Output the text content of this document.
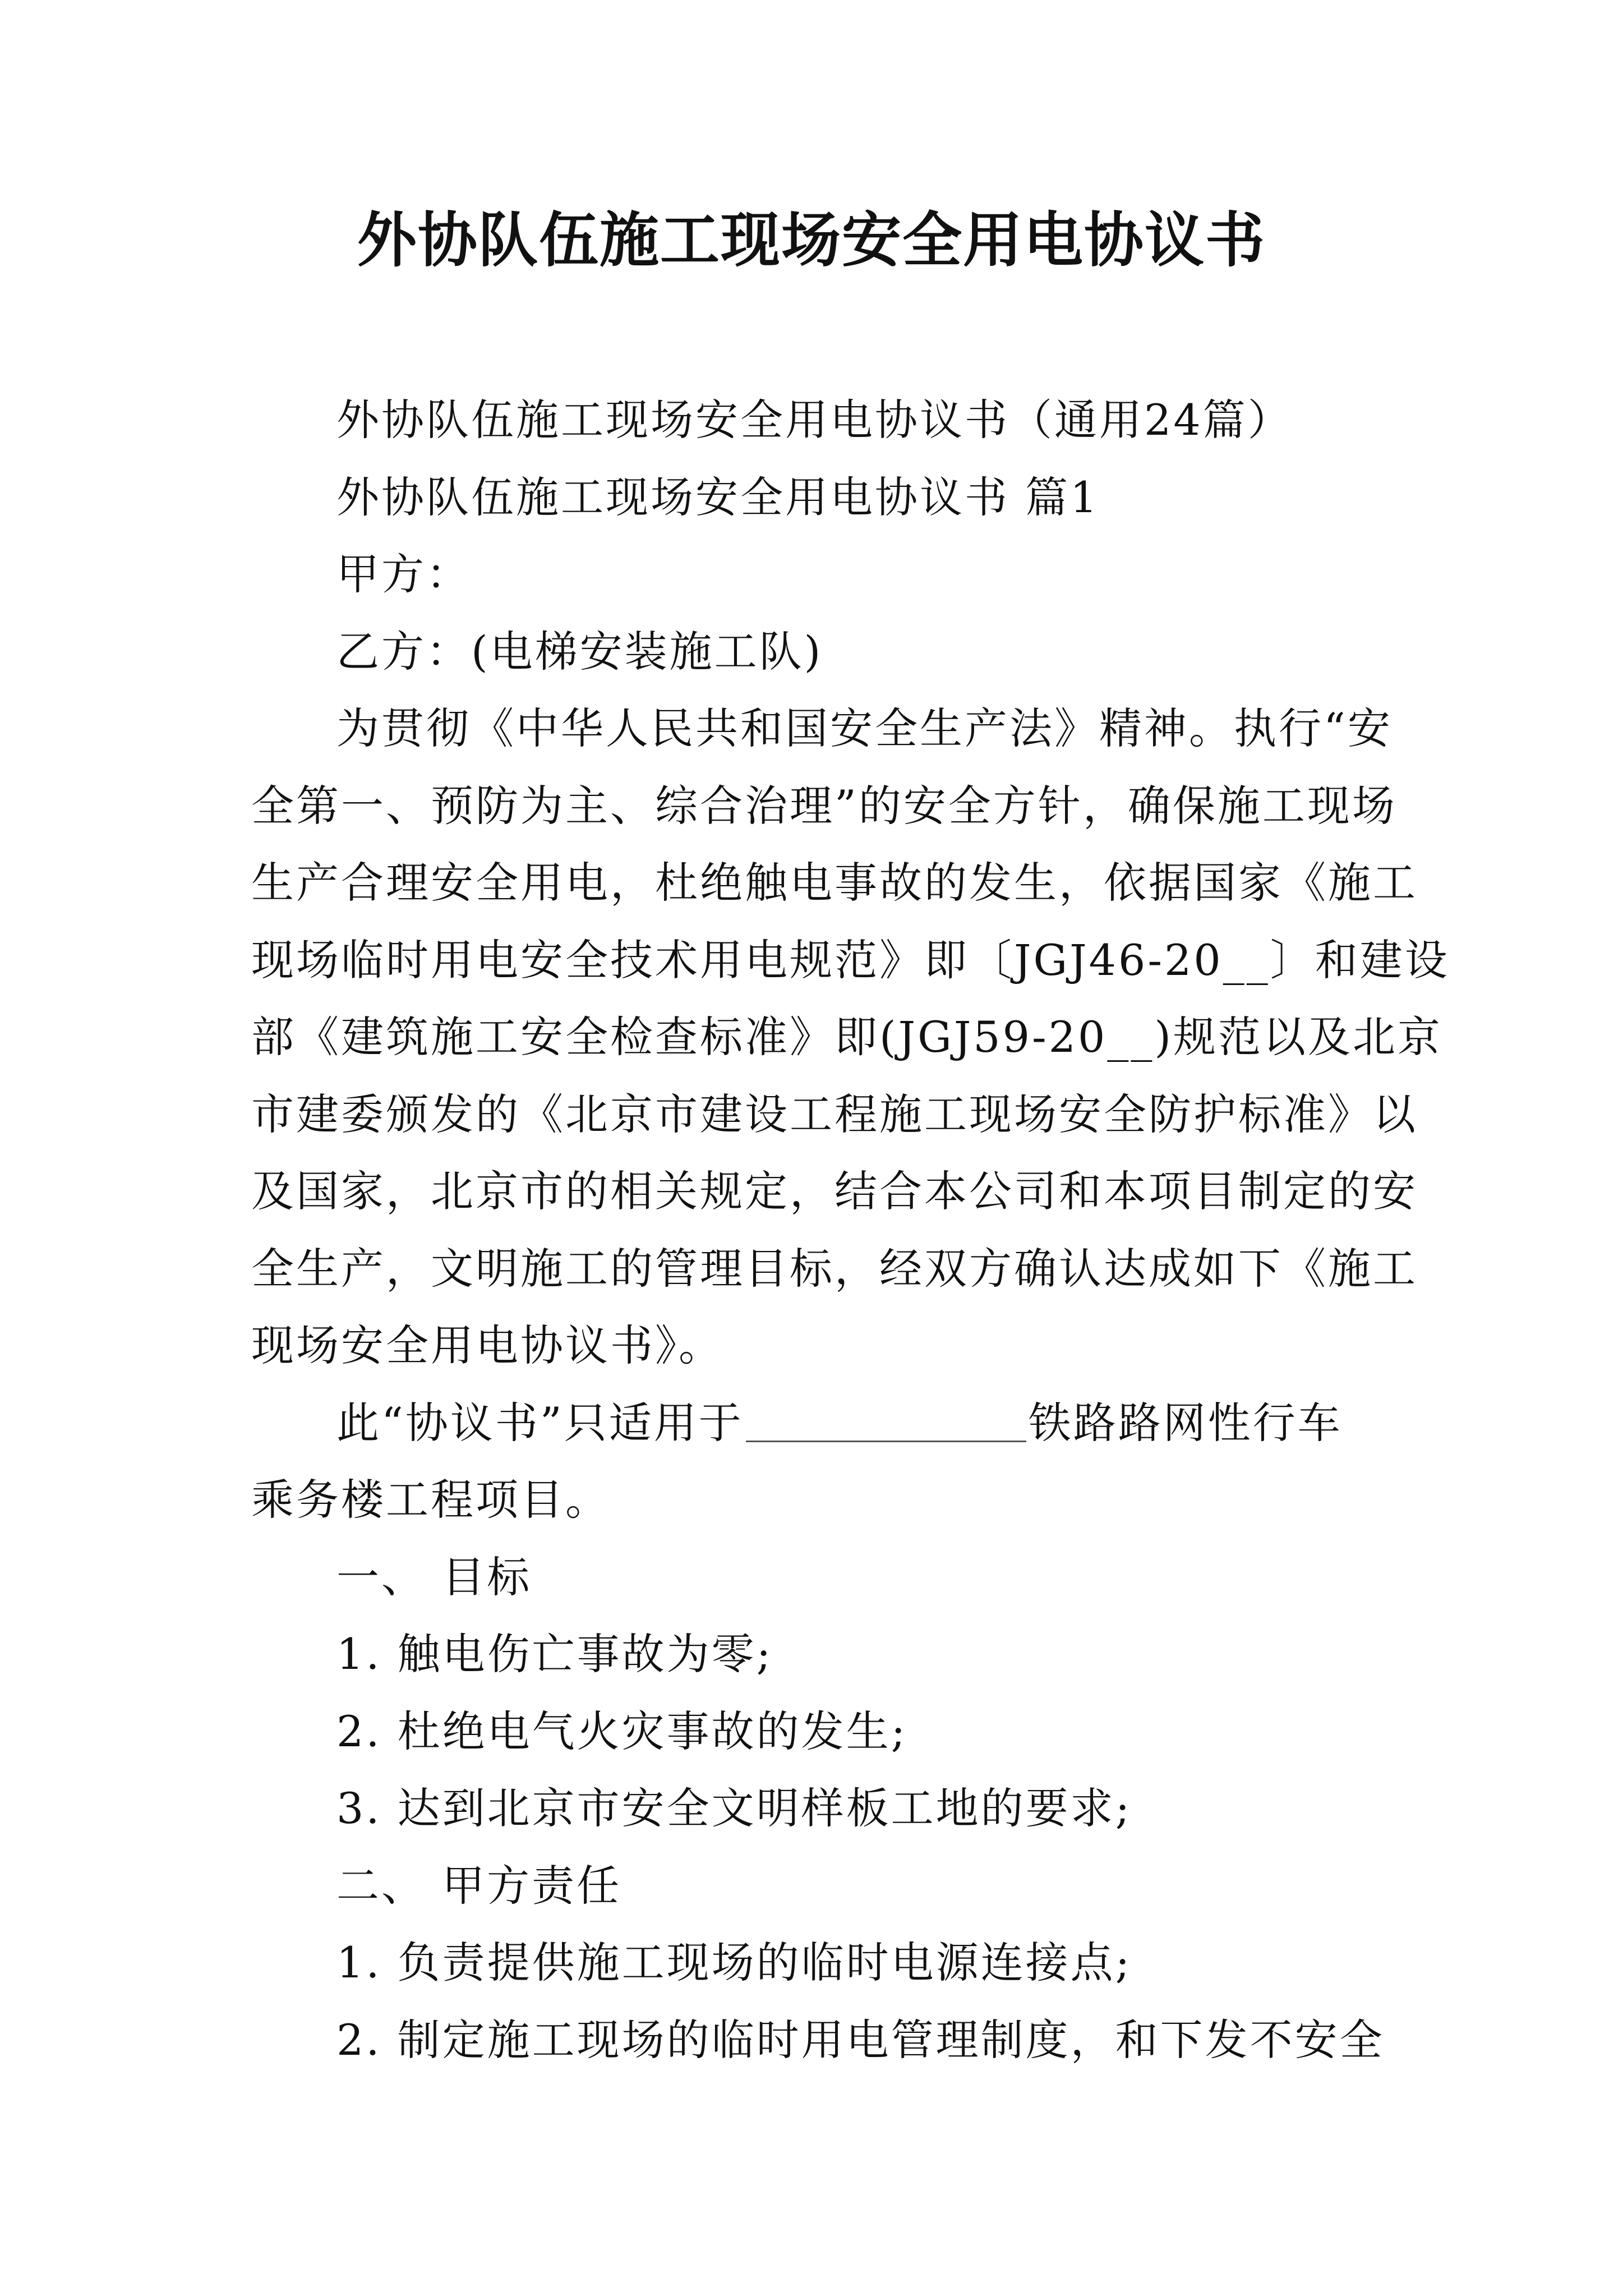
外协队伍施工现场安全用电协议书

外协队伍施工现场安全用电协议书（通用24篇）

外协队伍施工现场安全用电协议书 篇1

甲方：

乙方：(电梯安装施工队)

为贯彻《中华人民共和国安全生产法》精神。执行“安
全第一、预防为主、综合治理”的安全方针，确保施工现场
生产合理安全用电，杜绝触电事故的发生，依据国家《施工
现场临时用电安全技术用电规范》即〔JGJ46-20__〕和建设
部《建筑施工安全检查标准》即(JGJ59-20__)规范以及北京
市建委颁发的《北京市建设工程施工现场安全防护标准》以
及国家，北京市的相关规定，结合本公司和本项目制定的安
全生产，文明施工的管理目标，经双方确认达成如下《施工
现场安全用电协议书》。

此“协议书”只适用于	铁路路网性行车
乘务楼工程项目。

一、 目标

1. 触电伤亡事故为零;

2. 杜绝电气火灾事故的发生;

3. 达到北京市安全文明样板工地的要求;

二、 甲方责任

1. 负责提供施工现场的临时电源连接点;

2. 制定施工现场的临时用电管理制度，和下发不安全
